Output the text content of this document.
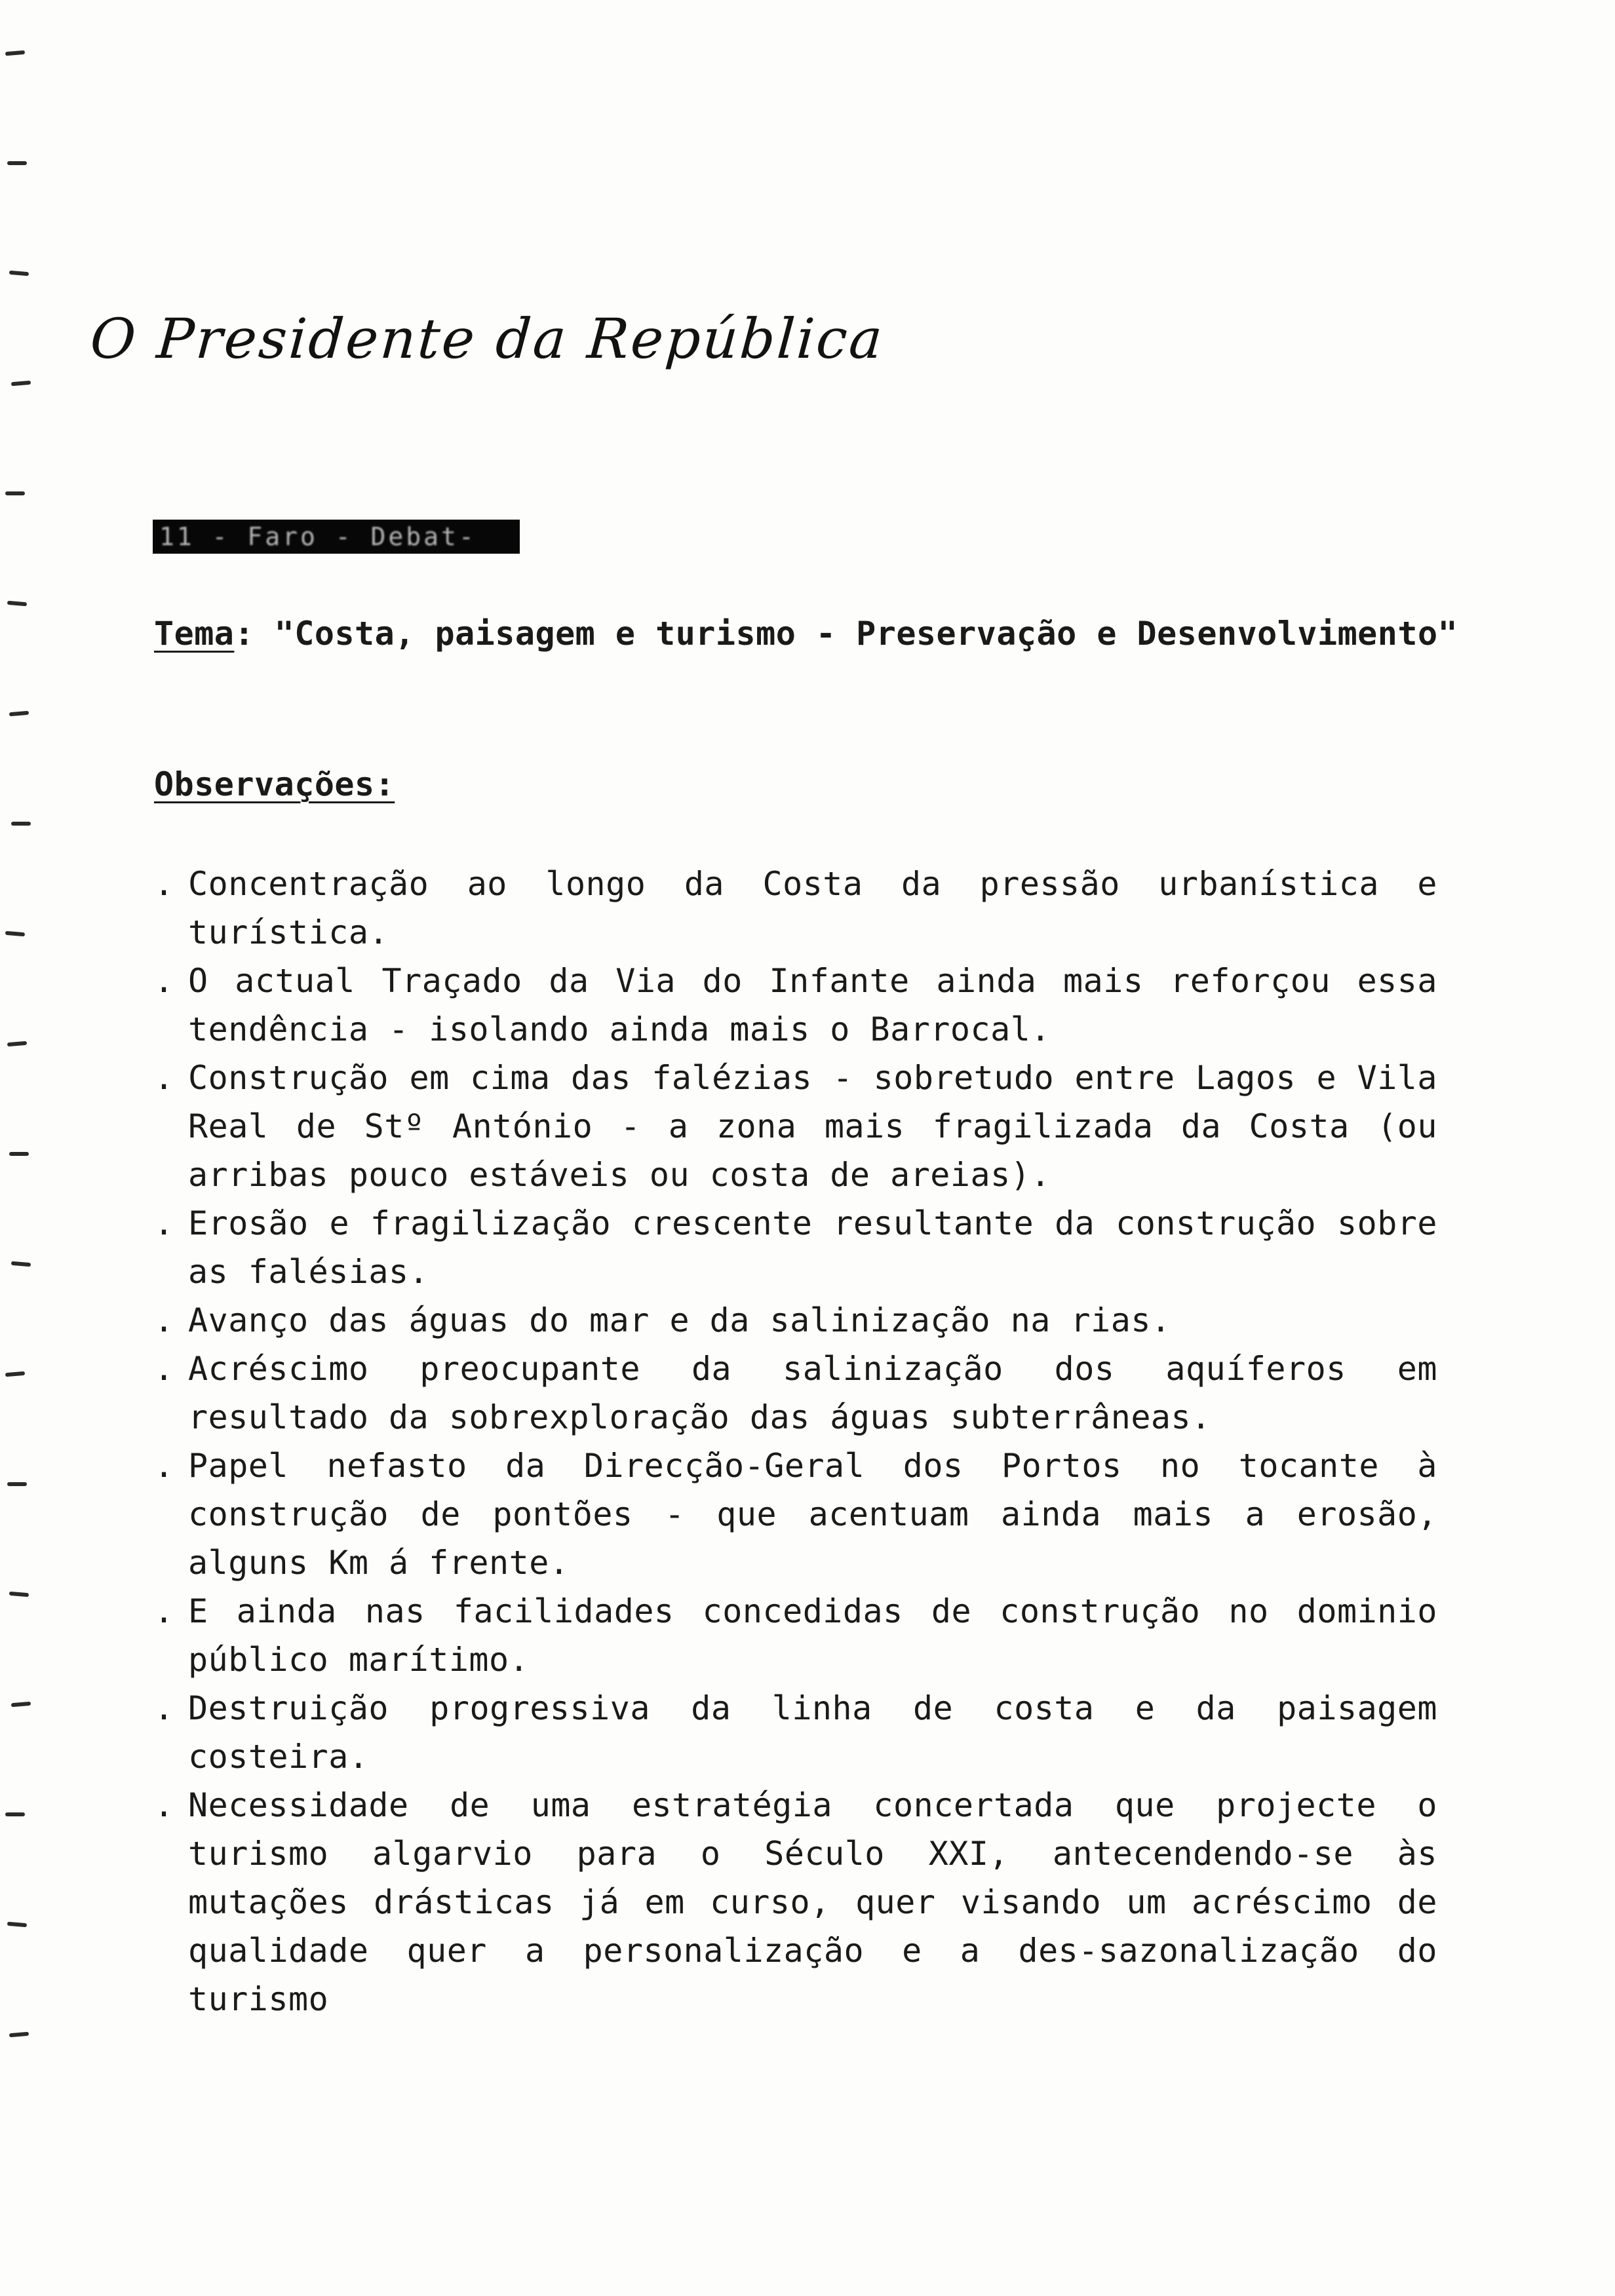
O Presidente da República
11 - Faro - Debat-
Tema: "Costa, paisagem e turismo - Preservação e Desenvolvimento"
Observações:
. Concentração ao longo da Costa da pressão urbanística e turística.
. O actual Traçado da Via do Infante ainda mais reforçou essa tendência - isolando ainda mais o Barrocal.
. Construção em cima das falézias - sobretudo entre Lagos e Vila Real de Stº António - a zona mais fragilizada da Costa (ou arribas pouco estáveis ou costa de areias).
. Erosão e fragilização crescente resultante da construção sobre as falésias.
. Avanço das águas do mar e da salinização na rias.
. Acréscimo preocupante da salinização dos aquíferos em resultado da sobrexploração das águas subterrâneas.
. Papel nefasto da Direcção-Geral dos Portos no tocante à construção de pontões - que acentuam ainda mais a erosão, alguns Km á frente.
. E ainda nas facilidades concedidas de construção no dominio público marítimo.
. Destruição progressiva da linha de costa e da paisagem costeira.
. Necessidade de uma estratégia concertada que projecte o turismo algarvio para o Século XXI, antecendendo-se às mutações drásticas já em curso, quer visando um acréscimo de qualidade quer a personalização e a des-sazonalização do turismo
